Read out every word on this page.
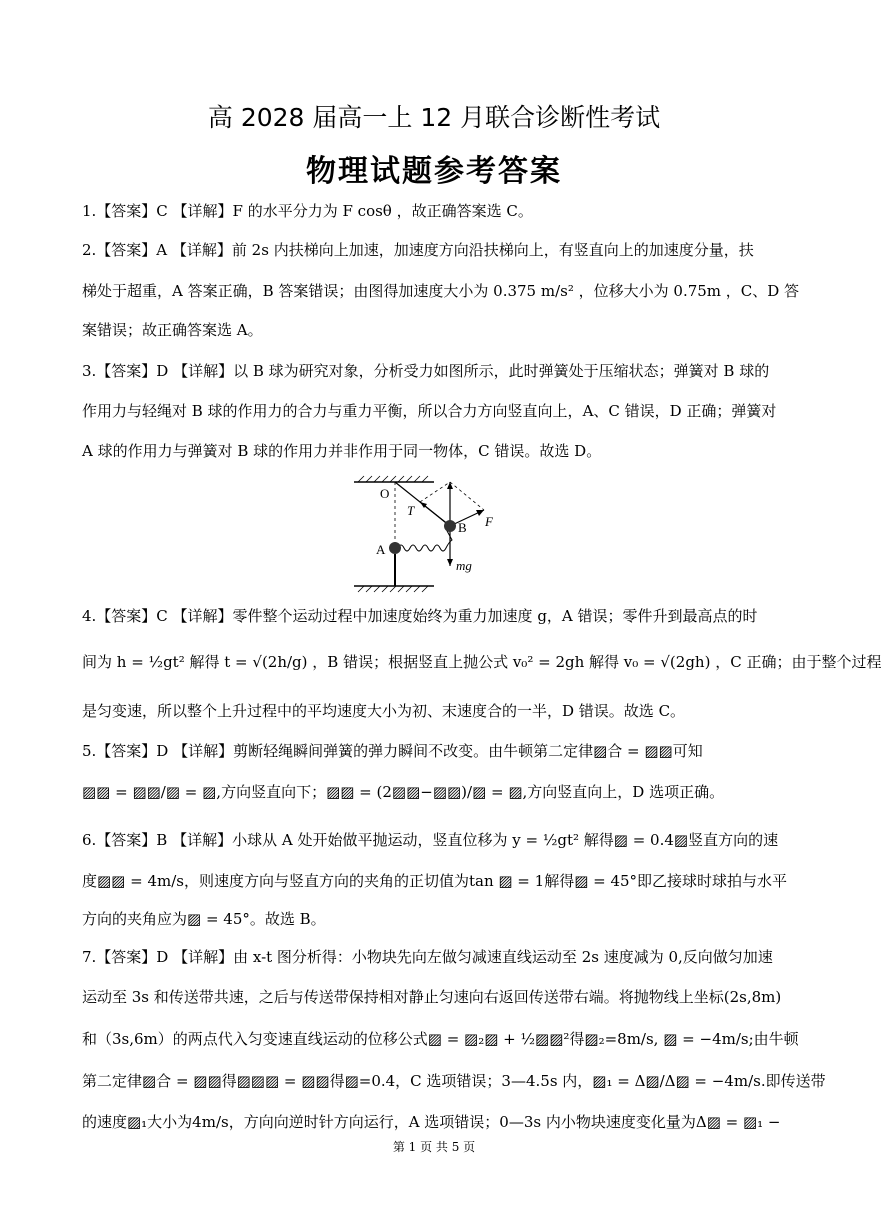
高 2028 届高一上 12 月联合诊断性考试
物理试题参考答案
1.【答案】C 【详解】F 的水平分力为 F cosθ ，故正确答案选 C。
2.【答案】A 【详解】前 2s 内扶梯向上加速，加速度方向沿扶梯向上，有竖直向上的加速度分量，扶
梯处于超重，A 答案正确，B 答案错误；由图得加速度大小为 0.375 m/s² ，位移大小为 0.75m ，C、D 答
案错误；故正确答案选 A。
3.【答案】D 【详解】以 B 球为研究对象，分析受力如图所示，此时弹簧处于压缩状态；弹簧对 B 球的
作用力与轻绳对 B 球的作用力的合力与重力平衡，所以合力方向竖直向上，A、C 错误，D 正确；弹簧对
A 球的作用力与弹簧对 B 球的作用力并非作用于同一物体，C 错误。故选 D。
O
T
B F
A
mg
4.【答案】C 【详解】零件整个运动过程中加速度始终为重力加速度 g，A 错误；零件升到最高点的时
间为 h = ½gt² 解得 t = √(2h/g) ，B 错误；根据竖直上抛公式 v₀² = 2gh 解得 v₀ = √(2gh) ，C 正确；由于整个过程
是匀变速，所以整个上升过程中的平均速度大小为初、末速度合的一半，D 错误。故选 C。
5.【答案】D 【详解】剪断轻绳瞬间弹簧的弹力瞬间不改变。由牛顿第二定律▨合 = ▨▨可知
▨▨ = ▨▨/▨ = ▨,方向竖直向下；▨▨ = (2▨▨−▨▨)/▨ = ▨,方向竖直向上，D 选项正确。
6.【答案】B 【详解】小球从 A 处开始做平抛运动，竖直位移为 y = ½gt² 解得▨ = 0.4▨竖直方向的速
度▨▨ = 4m/s，则速度方向与竖直方向的夹角的正切值为tan ▨ = 1解得▨ = 45°即乙接球时球拍与水平
方向的夹角应为▨ = 45°。故选 B。
7.【答案】D 【详解】由 x-t 图分析得：小物块先向左做匀减速直线运动至 2s 速度减为 0,反向做匀加速
运动至 3s 和传送带共速，之后与传送带保持相对静止匀速向右返回传送带右端。将抛物线上坐标(2s,8m)
和（3s,6m）的两点代入匀变速直线运动的位移公式▨ = ▨₂▨ + ½▨▨²得▨₂=8m/s, ▨ = −4m/s;由牛顿
第二定律▨合 = ▨▨得▨▨▨ = ▨▨得▨=0.4，C 选项错误；3—4.5s 内，▨₁ = Δ▨/Δ▨ = −4m/s.即传送带
的速度▨₁大小为4m/s，方向向逆时针方向运行，A 选项错误；0—3s 内小物块速度变化量为Δ▨ = ▨₁ −
第 1 页 共 5 页
